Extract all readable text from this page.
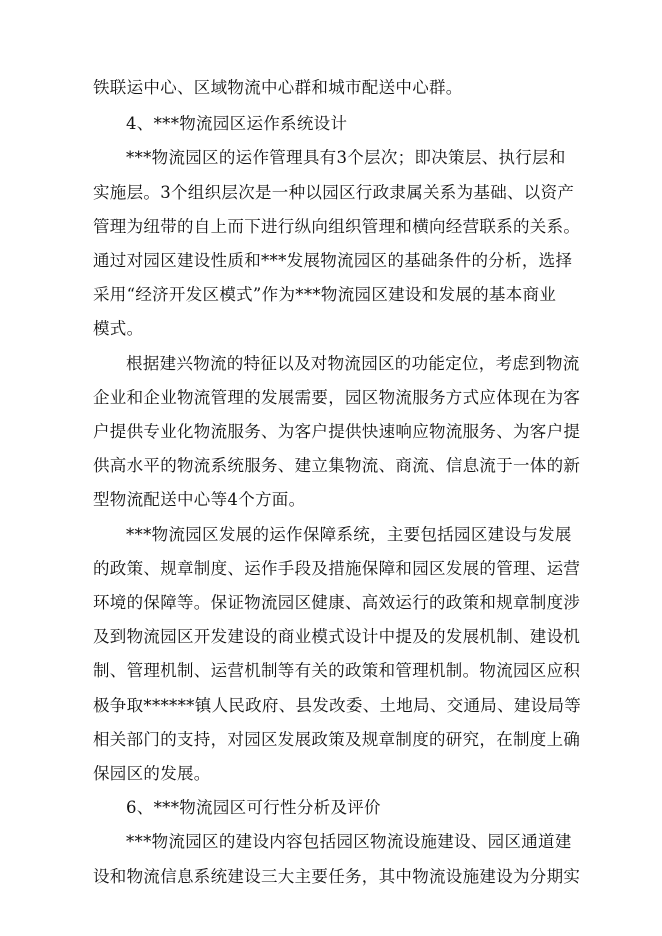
铁联运中心、区域物流中心群和城市配送中心群。
4、***物流园区运作系统设计
***物流园区的运作管理具有3个层次；即决策层、执行层和
实施层。3个组织层次是一种以园区行政隶属关系为基础、以资产
管理为纽带的自上而下进行纵向组织管理和横向经营联系的关系。
通过对园区建设性质和***发展物流园区的基础条件的分析，选择
采用“经济开发区模式”作为***物流园区建设和发展的基本商业
模式。
根据建兴物流的特征以及对物流园区的功能定位，考虑到物流
企业和企业物流管理的发展需要，园区物流服务方式应体现在为客
户提供专业化物流服务、为客户提供快速响应物流服务、为客户提
供高水平的物流系统服务、建立集物流、商流、信息流于一体的新
型物流配送中心等4个方面。
***物流园区发展的运作保障系统，主要包括园区建设与发展
的政策、规章制度、运作手段及措施保障和园区发展的管理、运营
环境的保障等。保证物流园区健康、高效运行的政策和规章制度涉
及到物流园区开发建设的商业模式设计中提及的发展机制、建设机
制、管理机制、运营机制等有关的政策和管理机制。物流园区应积
极争取******镇人民政府、县发改委、土地局、交通局、建设局等
相关部门的支持，对园区发展政策及规章制度的研究，在制度上确
保园区的发展。
6、***物流园区可行性分析及评价
***物流园区的建设内容包括园区物流设施建设、园区通道建
设和物流信息系统建设三大主要任务，其中物流设施建设为分期实
